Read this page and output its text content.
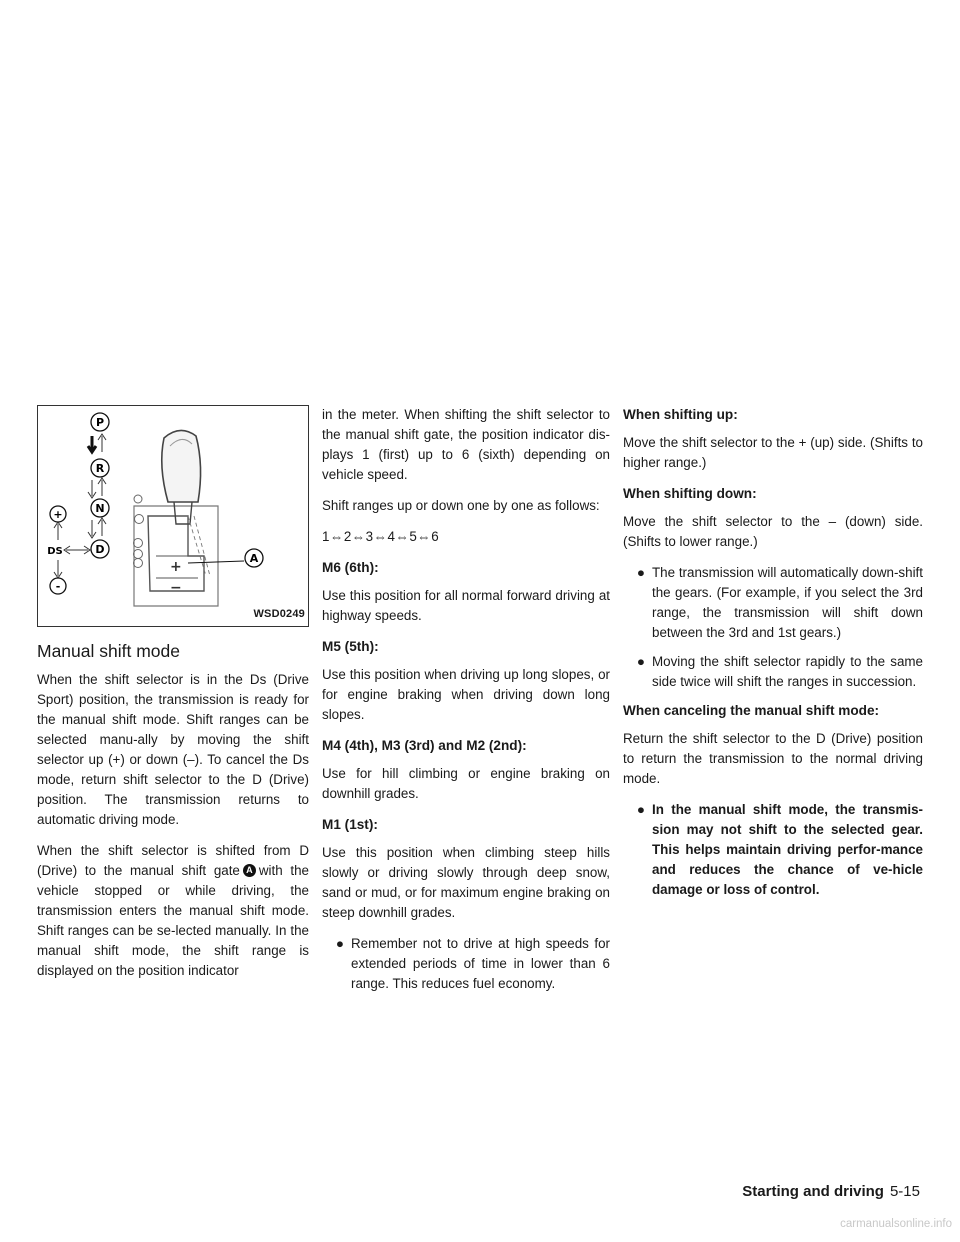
+
−
P
R
N
D
+
-
DS
A
WSD0249
Manual shift mode

When the shift selector is in the Ds (Drive Sport) position, the transmission is ready for the manual shift mode. Shift ranges can be selected manu-ally by moving the shift selector up (+) or down (–). To cancel the Ds mode, return shift selector to the D (Drive) position. The transmission returns to automatic driving mode.

When the shift selector is shifted from D (Drive) to the manual shift gate A with the vehicle stopped or while driving, the transmission enters the manual shift mode. Shift ranges can be se-lected manually. In the manual shift mode, the shift range is displayed on the position indicator

in the meter. When shifting the shift selector to the manual shift gate, the position indicator dis-plays 1 (first) up to 6 (sixth) depending on vehicle speed.

Shift ranges up or down one by one as follows:

1⇔2⇔3⇔4⇔5⇔6

M6 (6th):

Use this position for all normal forward driving at highway speeds.

M5 (5th):

Use this position when driving up long slopes, or for engine braking when driving down long slopes.

M4 (4th), M3 (3rd) and M2 (2nd):

Use for hill climbing or engine braking on downhill grades.

M1 (1st):

Use this position when climbing steep hills slowly or driving slowly through deep snow, sand or mud, or for maximum engine braking on steep downhill grades.

● Remember not to drive at high speeds for extended periods of time in lower than 6 range. This reduces fuel economy.
When shifting up:

Move the shift selector to the + (up) side. (Shifts to higher range.)

When shifting down:

Move the shift selector to the – (down) side. (Shifts to lower range.)

● The transmission will automatically down-shift the gears. (For example, if you select the 3rd range, the transmission will shift down between the 3rd and 1st gears.)
● Moving the shift selector rapidly to the same side twice will shift the ranges in succession.
When canceling the manual shift mode:

Return the shift selector to the D (Drive) position to return the transmission to the normal driving mode.

● In the manual shift mode, the transmis-sion may not shift to the selected gear. This helps maintain driving perfor-mance and reduces the chance of ve-hicle damage or loss of control.
Starting and driving 5-15
carmanualsonline.info
